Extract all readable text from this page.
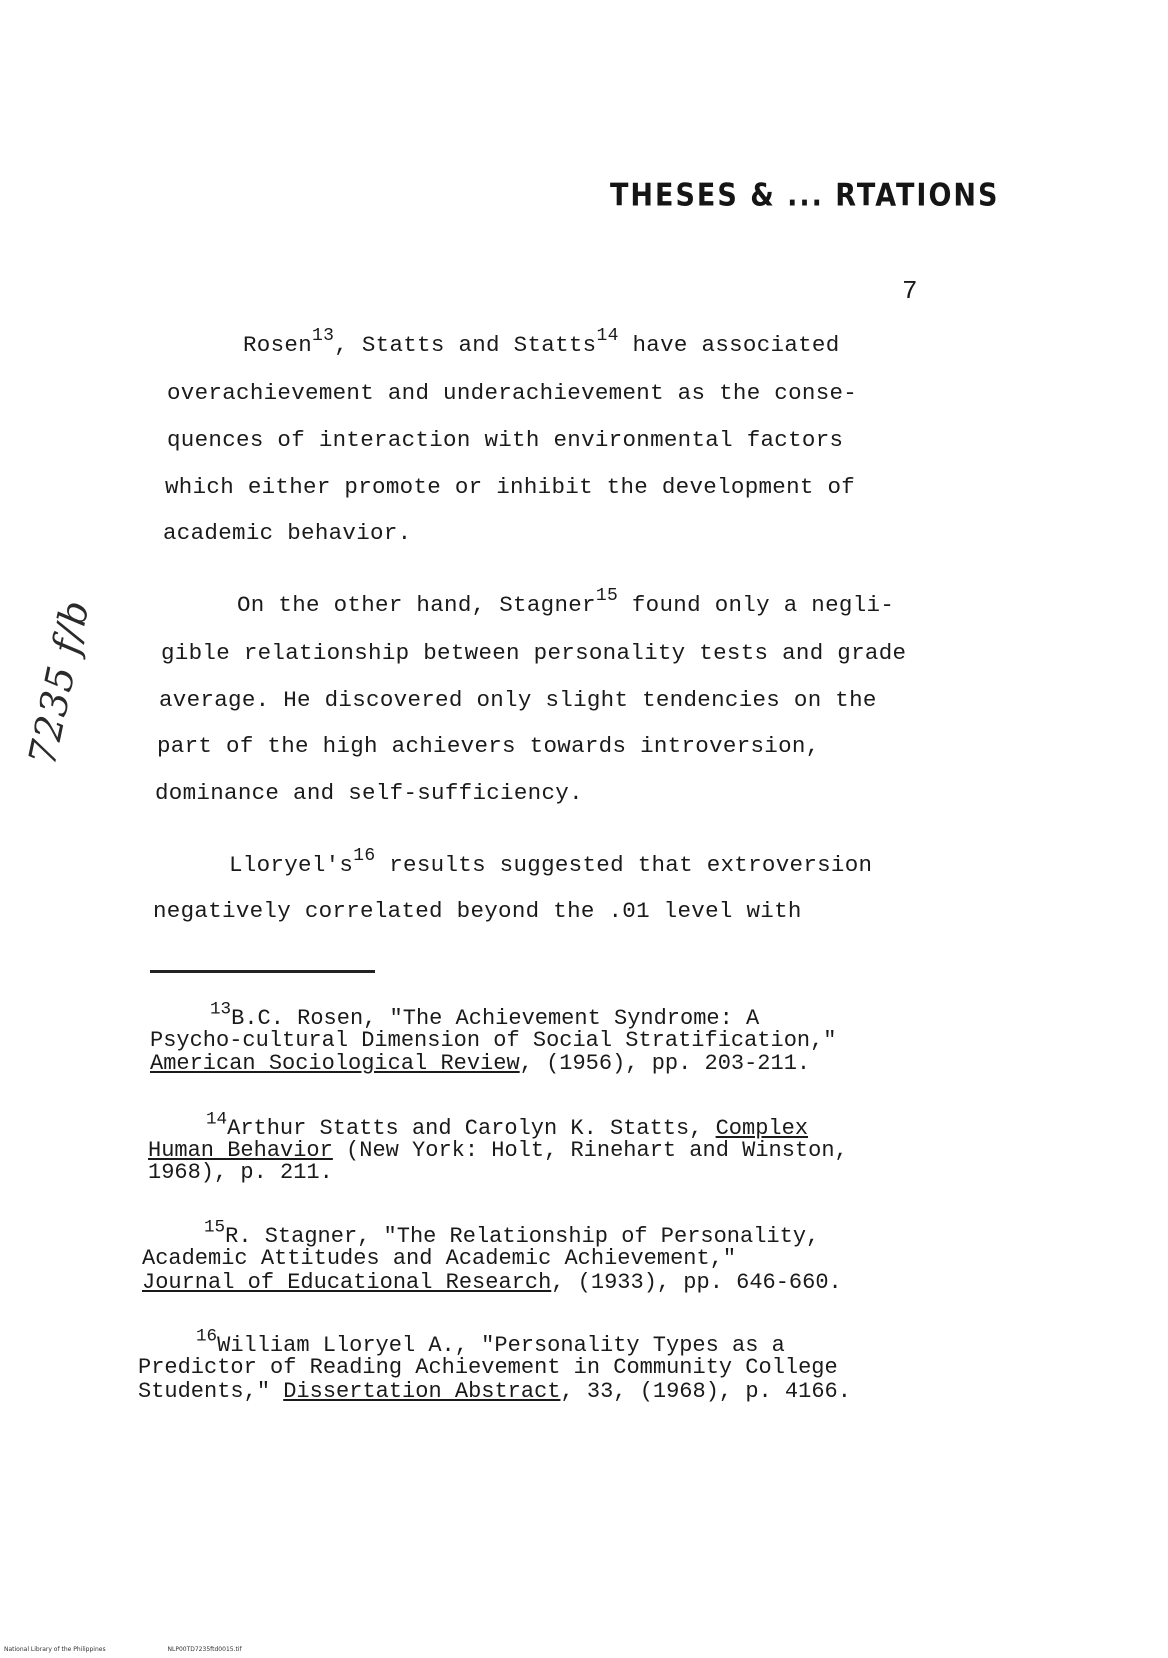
THESES & ... RTATIONS
7
7235 f/b
Rosen$^{13}$, Statts and Statts$^{14}$ have associated
overachievement and underachievement as the conse-
quences of interaction with environmental factors
which either promote or inhibit the development of
academic behavior.
On the other hand, Stagner$^{15}$ found only a negli-
gible relationship between personality tests and grade
average. He discovered only slight tendencies on the
part of the high achievers towards introversion,
dominance and self-sufficiency.
$Lloryel's^{16}$ results suggested that extroversion
negatively correlated beyond the .01 level with
$^{13}$B.C. Rosen, "The Achievement Syndrome: A
Psycho-cultural Dimension of Social Stratification,"
American Sociological Review, (1956), pp. 203-211.
$^{14}$Arthur Statts and Carolyn K. Statts, Complex
Human Behavior (New York: Holt, Rinehart and Winston,
1968), p. 211.
$^{15}$R. Stagner, "The Relationship of Personality,
Academic Attitudes and Academic Achievement,"
Journal of Educational Research, (1933), pp. 646-660.
$^{16}$William Lloryel A., "Personality Types as a
Predictor of Reading Achievement in Community College
Students," Dissertation Abstract, 33, (1968), p. 4166.
National Library of the Philippines	NLP00TD7235ftd0015.tif
